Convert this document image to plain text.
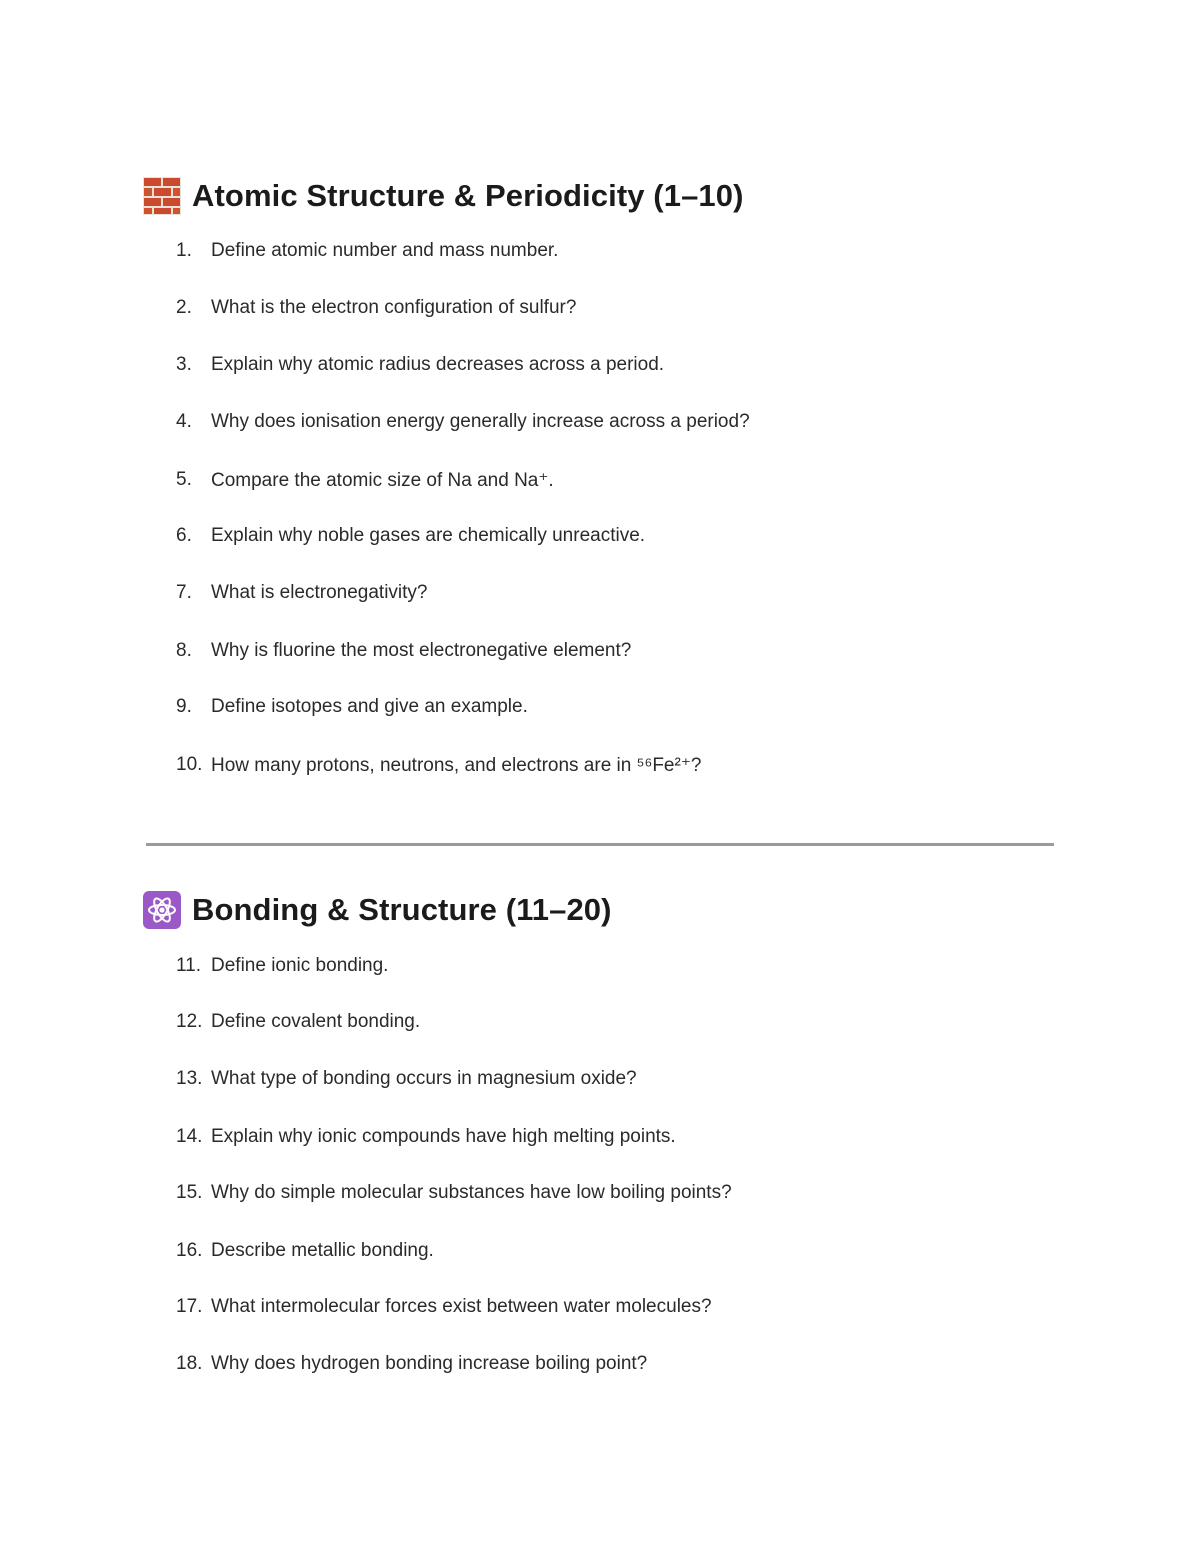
Atomic Structure & Periodicity (1–10)
1.	Define atomic number and mass number.
2.	What is the electron configuration of sulfur?
3.	Explain why atomic radius decreases across a period.
4.	Why does ionisation energy generally increase across a period?
5.	Compare the atomic size of Na and Na⁺.
6.	Explain why noble gases are chemically unreactive.
7.	What is electronegativity?
8.	Why is fluorine the most electronegative element?
9.	Define isotopes and give an example.
10. How many protons, neutrons, and electrons are in ⁵⁶Fe²⁺?
Bonding & Structure (11–20)
11. Define ionic bonding.
12. Define covalent bonding.
13. What type of bonding occurs in magnesium oxide?
14. Explain why ionic compounds have high melting points.
15. Why do simple molecular substances have low boiling points?
16. Describe metallic bonding.
17. What intermolecular forces exist between water molecules?
18. Why does hydrogen bonding increase boiling point?
